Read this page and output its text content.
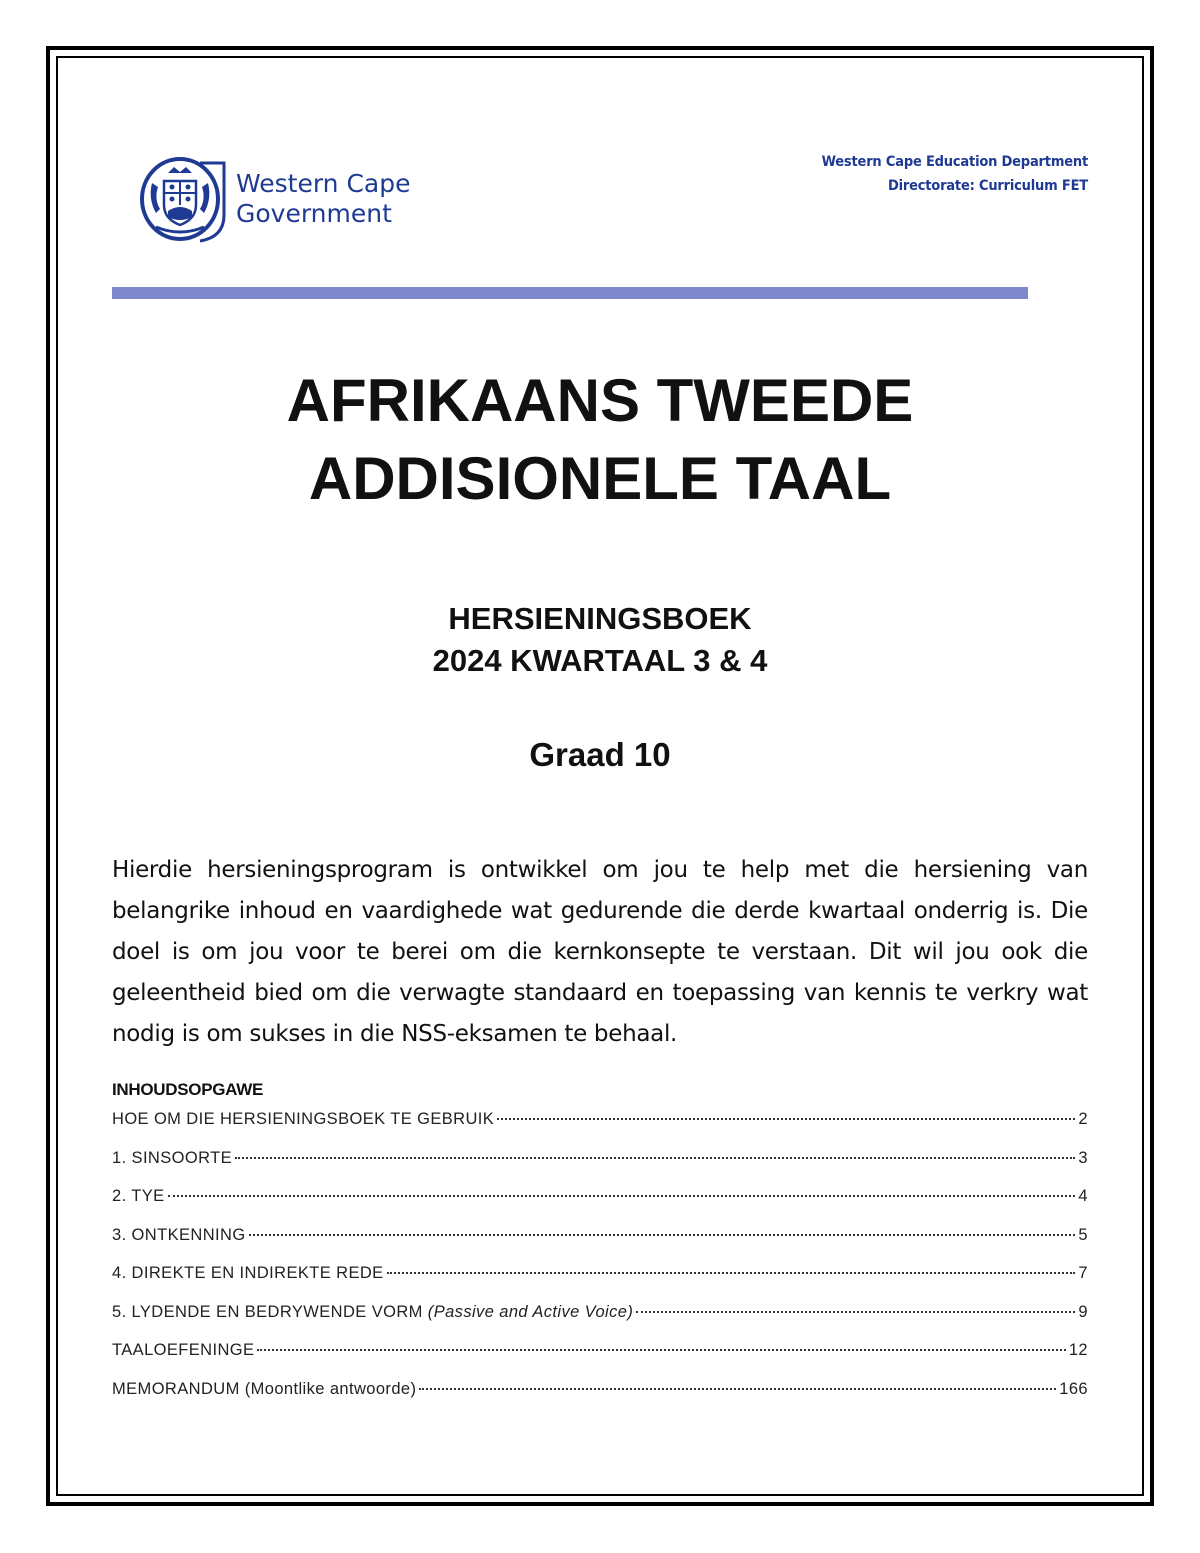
Western Cape
Government
Western Cape Education Department
Directorate: Curriculum FET
AFRIKAANS TWEEDE
ADDISIONELE TAAL
HERSIENINGSBOEK
2024 KWARTAAL 3 & 4
Graad 10

Hierdie hersieningsprogram is ontwikkel om jou te help met die hersiening van belangrike inhoud en vaardighede wat gedurende die derde kwartaal onderrig is. Die doel is om jou voor te berei om die kernkonsepte te verstaan. Dit wil jou ook die geleentheid bied om die verwagte standaard en toepassing van kennis te verkry wat nodig is om sukses in die NSS-eksamen te behaal.

INHOUDSOPGAWE
HOE OM DIE HERSIENINGSBOEK TE GEBRUIK	2
1. SINSOORTE	3
2. TYE	4
3. ONTKENNING	5
4. DIREKTE EN INDIREKTE REDE	7
5. LYDENDE EN BEDRYWENDE VORM (Passive and Active Voice)	9
TAALOEFENINGE	12
MEMORANDUM (Moontlike antwoorde)	166
